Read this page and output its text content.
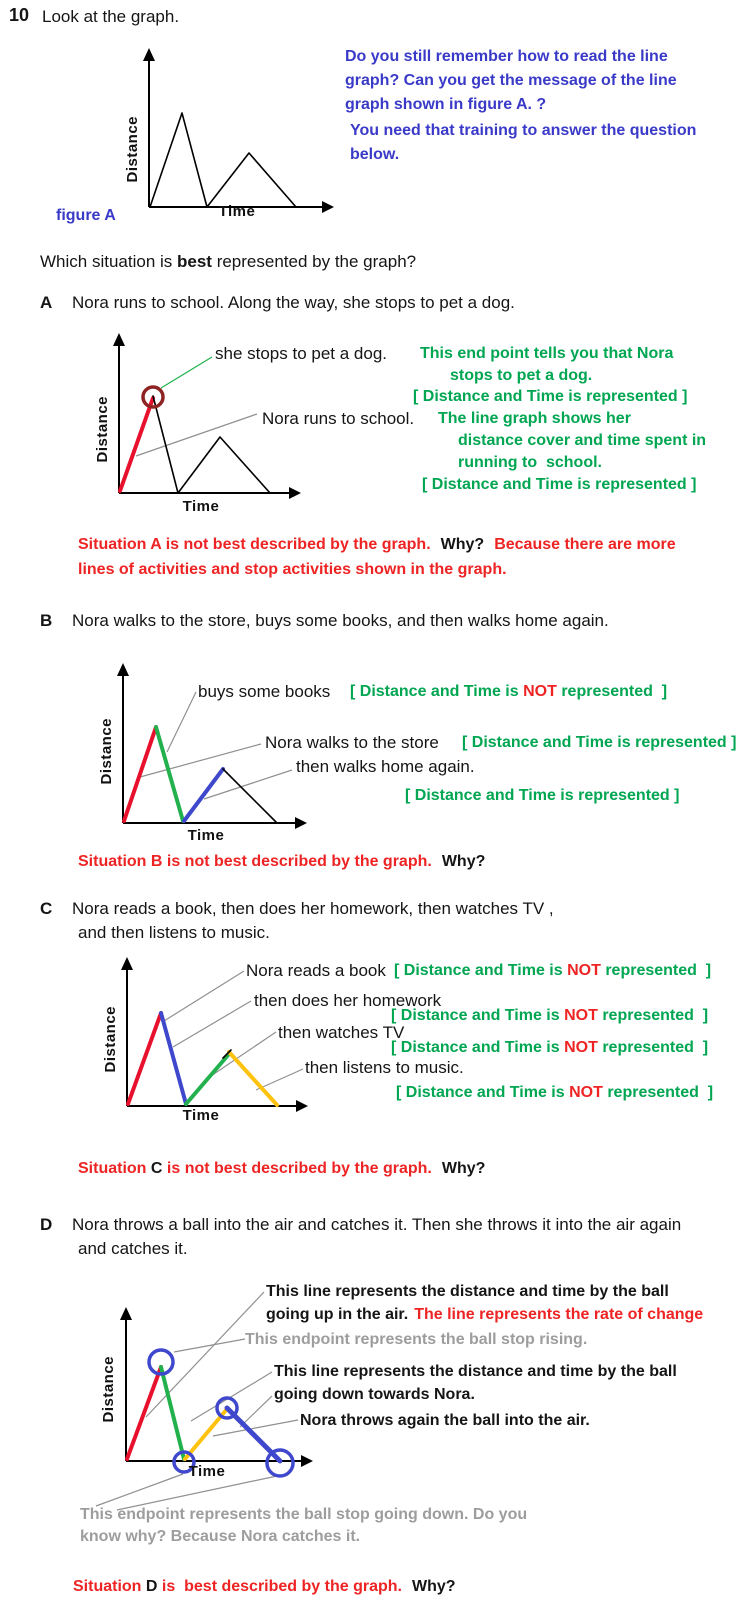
10 Look at the graph.
Do you still remember how to read the line
graph? Can you get the message of the line
graph shown in figure A. ?
You need that training to answer the question
below.
Distance
Time
figure A
Which situation is best represented by the graph?
A Nora runs to school. Along the way, she stops to pet a dog.
Distance
Time
she stops to pet a dog. This end point tells you that Nora
stops to pet a dog.
[ Distance and Time is represented ]
Nora runs to school. The line graph shows her
distance cover and time spent in
running to  school.
[ Distance and Time is represented ]
Situation A is not best described by the graph. Why? Because there are more
lines of activities and stop activities shown in the graph.
B Nora walks to the store, buys some books, and then walks home again.
Distance
Time
buys some books [ Distance and Time is NOT represented  ]
Nora walks to the store [ Distance and Time is represented ]
then walks home again.
[ Distance and Time is represented ]
Situation B is not best described by the graph. Why?
C Nora reads a book, then does her homework, then watches TV ,
and then listens to music.
Distance
Time
Nora reads a book [ Distance and Time is NOT represented  ]
then does her homework
[ Distance and Time is NOT represented  ]
then watches TV
[ Distance and Time is NOT represented  ]
then listens to music.
[ Distance and Time is NOT represented  ]
Situation C is not best described by the graph. Why?
D Nora throws a ball into the air and catches it. Then she throws it into the air again
and catches it.
Distance
Time
This line represents the distance and time by the ball
going up in the air. The line represents the rate of change
This endpoint represents the ball stop rising.
This line represents the distance and time by the ball
going down towards Nora.
Nora throws again the ball into the air.
This endpoint represents the ball stop going down. Do you
know why? Because Nora catches it.
Situation D is  best described by the graph. Why?
